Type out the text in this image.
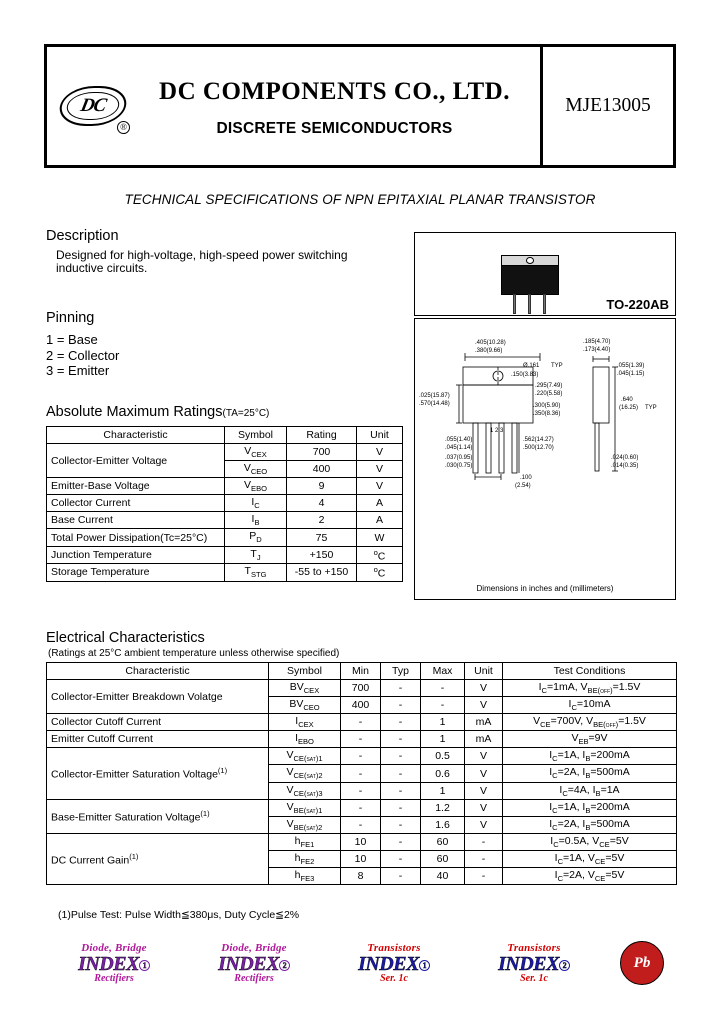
DC
®
DC COMPONENTS CO., LTD.
DISCRETE SEMICONDUCTORS
MJE13005
TECHNICAL SPECIFICATIONS OF NPN EPITAXIAL PLANAR TRANSISTOR
Description
Designed for high-voltage, high-speed power switching
inductive circuits.
Pinning
1 = Base
2 = Collector
3 = Emitter
TO-220AB
.405(10.28)
.380(9.66)
Ø.161
.150(3.83)
TYP
1 2 3
.025(15.87)
.570(14.48)
.295(7.49)
.220(5.58)
.300(5.90)
.350(8.36)
.055(1.40)
.045(1.14)
.037(0.95)
.030(0.75)
.562(14.27)
.500(12.70)
.100
(2.54)
.185(4.70)
.173(4.40)
.055(1.39)
.045(1.15)
.640
(16.25) TYP
.024(0.60)
.014(0.35)
Dimensions in inches and (millimeters)
Absolute Maximum Ratings(TA=25°C)
Characteristic	Symbol	Rating	Unit
Collector-Emitter Voltage	$V_{CEX}$	700	V
	$V_{CEO}$	400	V
Emitter-Base Voltage	$V_{EBO}$	9	V
Collector Current	$I_C$	4	A
Base Current	$I_B$	2	A
Total Power Dissipation(Tc=25°C)	$P_D$	75	W
Junction Temperature	$T_J$	+150	$^o$C
Storage Temperature	$T_{STG}$	-55 to +150	$^o$C
Electrical Characteristics
(Ratings at 25°C ambient temperature unless otherwise specified)
Characteristic	Symbol	Min	Typ	Max	Unit	Test Conditions
Collector-Emitter Breakdown Volatge	$BV_{CEX}$	700	-	-	V	$I_C=1mA$, $V_{BE(off)}=1.5V$
	$BV_{CEO}$	400	-	-	V	$I_C=10mA$
Collector Cutoff Current	$I_{CEX}$	-	-	1	mA	$V_{CE}=700V$, $V_{BE(off)}=1.5V$
Emitter Cutoff Current	$I_{EBO}$	-	-	1	mA	$V_{EB}=9V$
Collector-Emitter Saturation Voltage$^{(1)}$	$V_{CE(sat)1}$	-	-	0.5	V	$I_C=1A$, $I_B=200mA$
	$V_{CE(sat)2}$	-	-	0.6	V	$I_C=2A$, $I_B=500mA$
	$V_{CE(sat)3}$	-	-	1	V	$I_C=4A$, $I_B=1A$
Base-Emitter Saturation Voltage$^{(1)}$	$V_{BE(sat)1}$	-	-	1.2	V	$I_C=1A$, $I_B=200mA$
	$V_{BE(sat)2}$	-	-	1.6	V	$I_C=2A$, $I_B=500mA$
DC Current Gain$^{(1)}$	$h_{FE1}$	10	-	60	-	$I_C=0.5A$, $V_{CE}=5V$
	$h_{FE2}$	10	-	60	-	$I_C=1A$, $V_{CE}=5V$
	$h_{FE3}$	8	-	40	-	$I_C=2A$, $V_{CE}=5V$
(1)Pulse Test: Pulse Width≦380μs, Duty Cycle≦2%
Diode, Bridge
INDEX 1
Rectifiers
Diode, Bridge
INDEX 2
Rectifiers
Transistors
INDEX 1
Ser. 1c
Transistors
INDEX 2
Ser. 1c
Pb
